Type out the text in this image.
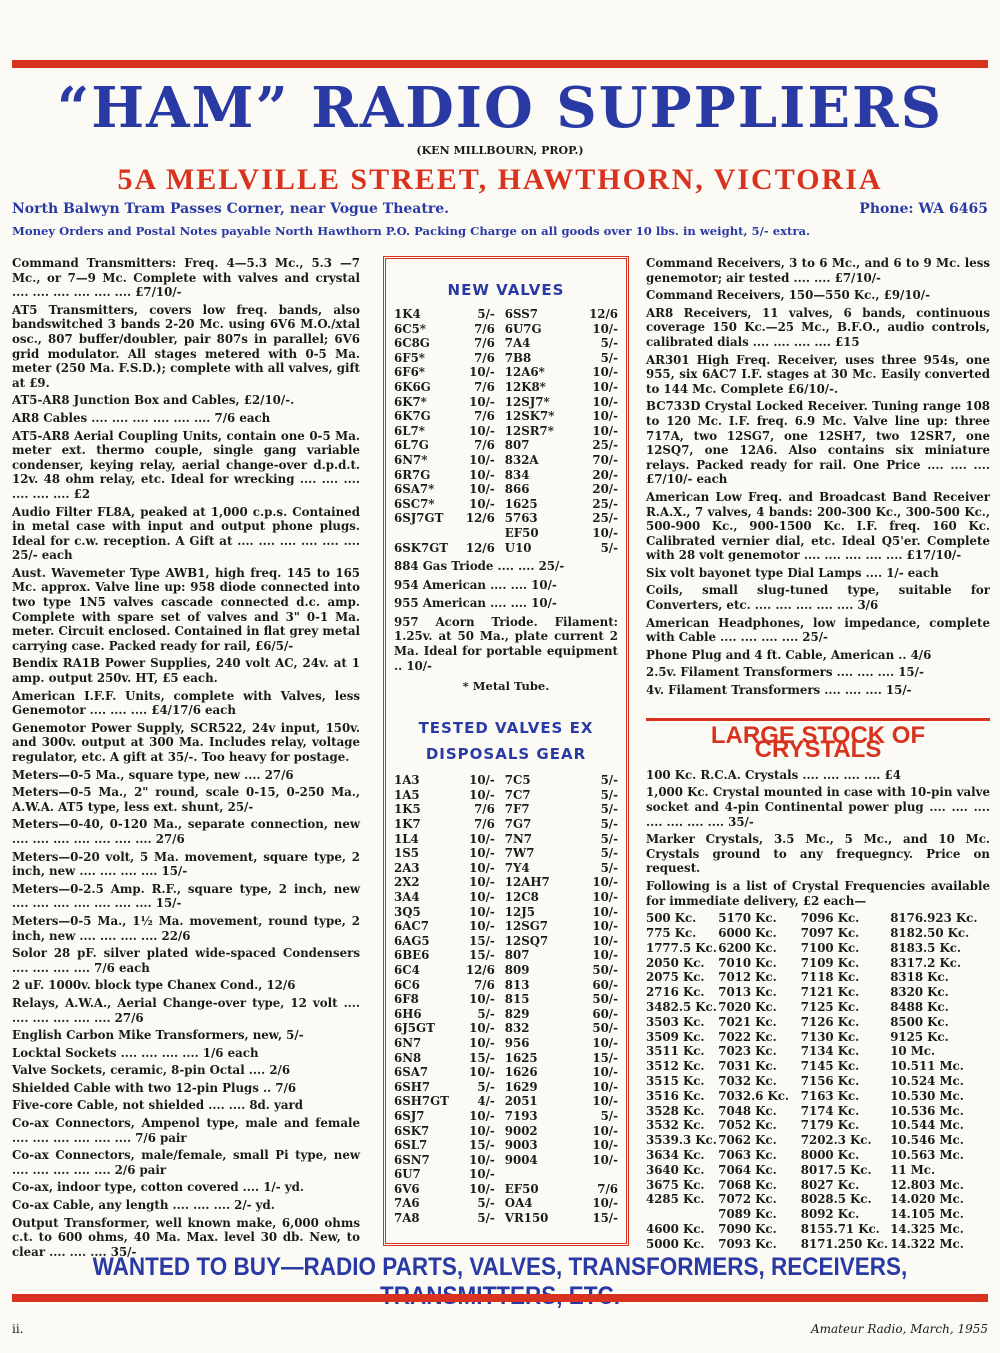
“HAM” RADIO SUPPLIERS
(KEN MILLBOURN, PROP.)
5A MELVILLE STREET, HAWTHORN, VICTORIA
North Balwyn Tram Passes Corner, near Vogue Theatre.	Phone: WA 6465
Money Orders and Postal Notes payable North Hawthorn P.O. Packing Charge on all goods over 10 lbs. in weight, 5/- extra.
Command Transmitters: Freq. 4—5.3 Mc., 5.3 —7 Mc., or 7—9 Mc. Complete with valves and crystal .... .... .... .... .... .... £7/10/-
AT5 Transmitters, covers low freq. bands, also bandswitched 3 bands 2-20 Mc. using 6V6 M.O./xtal osc., 807 buffer/doubler, pair 807s in parallel; 6V6 grid modulator. All stages metered with 0-5 Ma. meter (250 Ma. F.S.D.); complete with all valves, gift at £9.
AT5-AR8 Junction Box and Cables, £2/10/-.
AR8 Cables .... .... .... .... .... .... 7/6 each
AT5-AR8 Aerial Coupling Units, contain one 0-5 Ma. meter ext. thermo couple, single gang variable condenser, keying relay, aerial change-over d.p.d.t. 12v. 48 ohm relay, etc. Ideal for wrecking .... .... .... .... .... .... £2
Audio Filter FL8A, peaked at 1,000 c.p.s. Contained in metal case with input and output phone plugs. Ideal for c.w. reception. A Gift at .... .... .... .... .... .... 25/- each
Aust. Wavemeter Type AWB1, high freq. 145 to 165 Mc. approx. Valve line up: 958 diode connected into two type 1N5 valves cascade connected d.c. amp. Complete with spare set of valves and 3" 0-1 Ma. meter. Circuit enclosed. Contained in flat grey metal carrying case. Packed ready for rail, £6/5/-
Bendix RA1B Power Supplies, 240 volt AC, 24v. at 1 amp. output 250v. HT, £5 each.
American I.F.F. Units, complete with Valves, less Genemotor .... .... .... £4/17/6 each
Genemotor Power Supply, SCR522, 24v input, 150v. and 300v. output at 300 Ma. Includes relay, voltage regulator, etc. A gift at 35/-. Too heavy for postage.
Meters—0-5 Ma., square type, new .... 27/6
Meters—0-5 Ma., 2" round, scale 0-15, 0-250 Ma., A.W.A. AT5 type, less ext. shunt, 25/-
Meters—0-40, 0-120 Ma., separate connection, new .... .... .... .... .... .... .... 27/6
Meters—0-20 volt, 5 Ma. movement, square type, 2 inch, new .... .... .... .... 15/-
Meters—0-2.5 Amp. R.F., square type, 2 inch, new .... .... .... .... .... .... .... 15/-
Meters—0-5 Ma., 1½ Ma. movement, round type, 2 inch, new .... .... .... .... 22/6
Solor 28 pF. silver plated wide-spaced Condensers .... .... .... .... 7/6 each
2 uF. 1000v. block type Chanex Cond., 12/6
Relays, A.W.A., Aerial Change-over type, 12 volt .... .... .... .... .... .... 27/6
English Carbon Mike Transformers, new, 5/-
Locktal Sockets .... .... .... .... 1/6 each
Valve Sockets, ceramic, 8-pin Octal .... 2/6
Shielded Cable with two 12-pin Plugs .. 7/6
Five-core Cable, not shielded .... .... 8d. yard
Co-ax Connectors, Ampenol type, male and female .... .... .... .... .... .... 7/6 pair
Co-ax Connectors, male/female, small Pi type, new .... .... .... .... .... 2/6 pair
Co-ax, indoor type, cotton covered .... 1/- yd.
Co-ax Cable, any length .... .... .... 2/- yd.
Output Transformer, well known make, 6,000 ohms c.t. to 600 ohms, 40 Ma. Max. level 30 db. New, to clear .... .... .... 35/-
NEW VALVES
1K4	5/-	6SS7	12/6
6C5*	7/6	6U7G	10/-
6C8G	7/6	7A4	5/-
6F5*	7/6	7B8	5/-
6F6*	10/-	12A6*	10/-
6K6G	7/6	12K8*	10/-
6K7*	10/-	12SJ7*	10/-
6K7G	7/6	12SK7*	10/-
6L7*	10/-	12SR7*	10/-
6L7G	7/6	807	25/-
6N7*	10/-	832A	70/-
6R7G	10/-	834	20/-
6SA7*	10/-	866	20/-
6SC7*	10/-	1625	25/-
6SJ7GT	12/6	5763	25/-
		EF50	10/-
6SK7GT	12/6	U10	5/-
884 Gas Triode .... .... 25/-
954 American .... .... 10/-
955 American .... .... 10/-
957 Acorn Triode. Filament: 1.25v. at 50 Ma., plate current 2 Ma. Ideal for portable equipment .. 10/-
* Metal Tube.
TESTED VALVES EX
DISPOSALS GEAR
1A3	10/-	7C5	5/-
1A5	10/-	7C7	5/-
1K5	7/6	7F7	5/-
1K7	7/6	7G7	5/-
1L4	10/-	7N7	5/-
1S5	10/-	7W7	5/-
2A3	10/-	7Y4	5/-
2X2	10/-	12AH7	10/-
3A4	10/-	12C8	10/-
3Q5	10/-	12J5	10/-
6AC7	10/-	12SG7	10/-
6AG5	15/-	12SQ7	10/-
6BE6	15/-	807	10/-
6C4	12/6	809	50/-
6C6	7/6	813	60/-
6F8	10/-	815	50/-
6H6	5/-	829	60/-
6J5GT	10/-	832	50/-
6N7	10/-	956	10/-
6N8	15/-	1625	15/-
6SA7	10/-	1626	10/-
6SH7	5/-	1629	10/-
6SH7GT	4/-	2051	10/-
6SJ7	10/-	7193	5/-
6SK7	10/-	9002	10/-
6SL7	15/-	9003	10/-
6SN7	10/-	9004	10/-
6U7	10/-		
6V6	10/-	EF50	7/6
7A6	5/-	OA4	10/-
7A8	5/-	VR150	15/-
Command Receivers, 3 to 6 Mc., and 6 to 9 Mc. less genemotor; air tested .... .... £7/10/-
Command Receivers, 150—550 Kc., £9/10/-
AR8 Receivers, 11 valves, 6 bands, continuous coverage 150 Kc.—25 Mc., B.F.O., audio controls, calibrated dials .... .... .... .... £15
AR301 High Freq. Receiver, uses three 954s, one 955, six 6AC7 I.F. stages at 30 Mc. Easily converted to 144 Mc. Complete £6/10/-.
BC733D Crystal Locked Receiver. Tuning range 108 to 120 Mc. I.F. freq. 6.9 Mc. Valve line up: three 717A, two 12SG7, one 12SH7, two 12SR7, one 12SQ7, one 12A6. Also contains six miniature relays. Packed ready for rail. One Price .... .... .... £7/10/- each
American Low Freq. and Broadcast Band Receiver R.A.X., 7 valves, 4 bands: 200-300 Kc., 300-500 Kc., 500-900 Kc., 900-1500 Kc. I.F. freq. 160 Kc. Calibrated vernier dial, etc. Ideal Q5'er. Complete with 28 volt genemotor .... .... .... .... .... £17/10/-
Six volt bayonet type Dial Lamps .... 1/- each
Coils, small slug-tuned type, suitable for Converters, etc. .... .... .... .... .... 3/6
American Headphones, low impedance, complete with Cable .... .... .... .... 25/-
Phone Plug and 4 ft. Cable, American .. 4/6
2.5v. Filament Transformers .... .... .... 15/-
4v. Filament Transformers .... .... .... 15/-
LARGE STOCK OF CRYSTALS
100 Kc. R.C.A. Crystals .... .... .... .... £4
1,000 Kc. Crystal mounted in case with 10-pin valve socket and 4-pin Continental power plug .... .... .... .... .... .... .... 35/-
Marker Crystals, 3.5 Mc., 5 Mc., and 10 Mc. Crystals ground to any frequegncy. Price on request.
Following is a list of Crystal Frequencies available for immediate delivery, £2 each—
500 Kc.	5170 Kc.	7096 Kc.	8176.923 Kc.
775 Kc.	6000 Kc.	7097 Kc.	8182.50 Kc.
1777.5 Kc.	6200 Kc.	7100 Kc.	8183.5 Kc.
2050 Kc.	7010 Kc.	7109 Kc.	8317.2 Kc.
2075 Kc.	7012 Kc.	7118 Kc.	8318 Kc.
2716 Kc.	7013 Kc.	7121 Kc.	8320 Kc.
3482.5 Kc.	7020 Kc.	7125 Kc.	8488 Kc.
3503 Kc.	7021 Kc.	7126 Kc.	8500 Kc.
3509 Kc.	7022 Kc.	7130 Kc.	9125 Kc.
3511 Kc.	7023 Kc.	7134 Kc.	10 Mc.
3512 Kc.	7031 Kc.	7145 Kc.	10.511 Mc.
3515 Kc.	7032 Kc.	7156 Kc.	10.524 Mc.
3516 Kc.	7032.6 Kc.	7163 Kc.	10.530 Mc.
3528 Kc.	7048 Kc.	7174 Kc.	10.536 Mc.
3532 Kc.	7052 Kc.	7179 Kc.	10.544 Mc.
3539.3 Kc.	7062 Kc.	7202.3 Kc.	10.546 Mc.
3634 Kc.	7063 Kc.	8000 Kc.	10.563 Mc.
3640 Kc.	7064 Kc.	8017.5 Kc.	11 Mc.
3675 Kc.	7068 Kc.	8027 Kc.	12.803 Mc.
4285 Kc.	7072 Kc.	8028.5 Kc.	14.020 Mc.
	7089 Kc.	8092 Kc.	14.105 Mc.
4600 Kc.	7090 Kc.	8155.71 Kc.	14.325 Mc.
5000 Kc.	7093 Kc.	8171.250 Kc.	14.322 Mc.
WANTED TO BUY—RADIO PARTS, VALVES, TRANSFORMERS, RECEIVERS,
ii.	Amateur Radio, March, 1955
